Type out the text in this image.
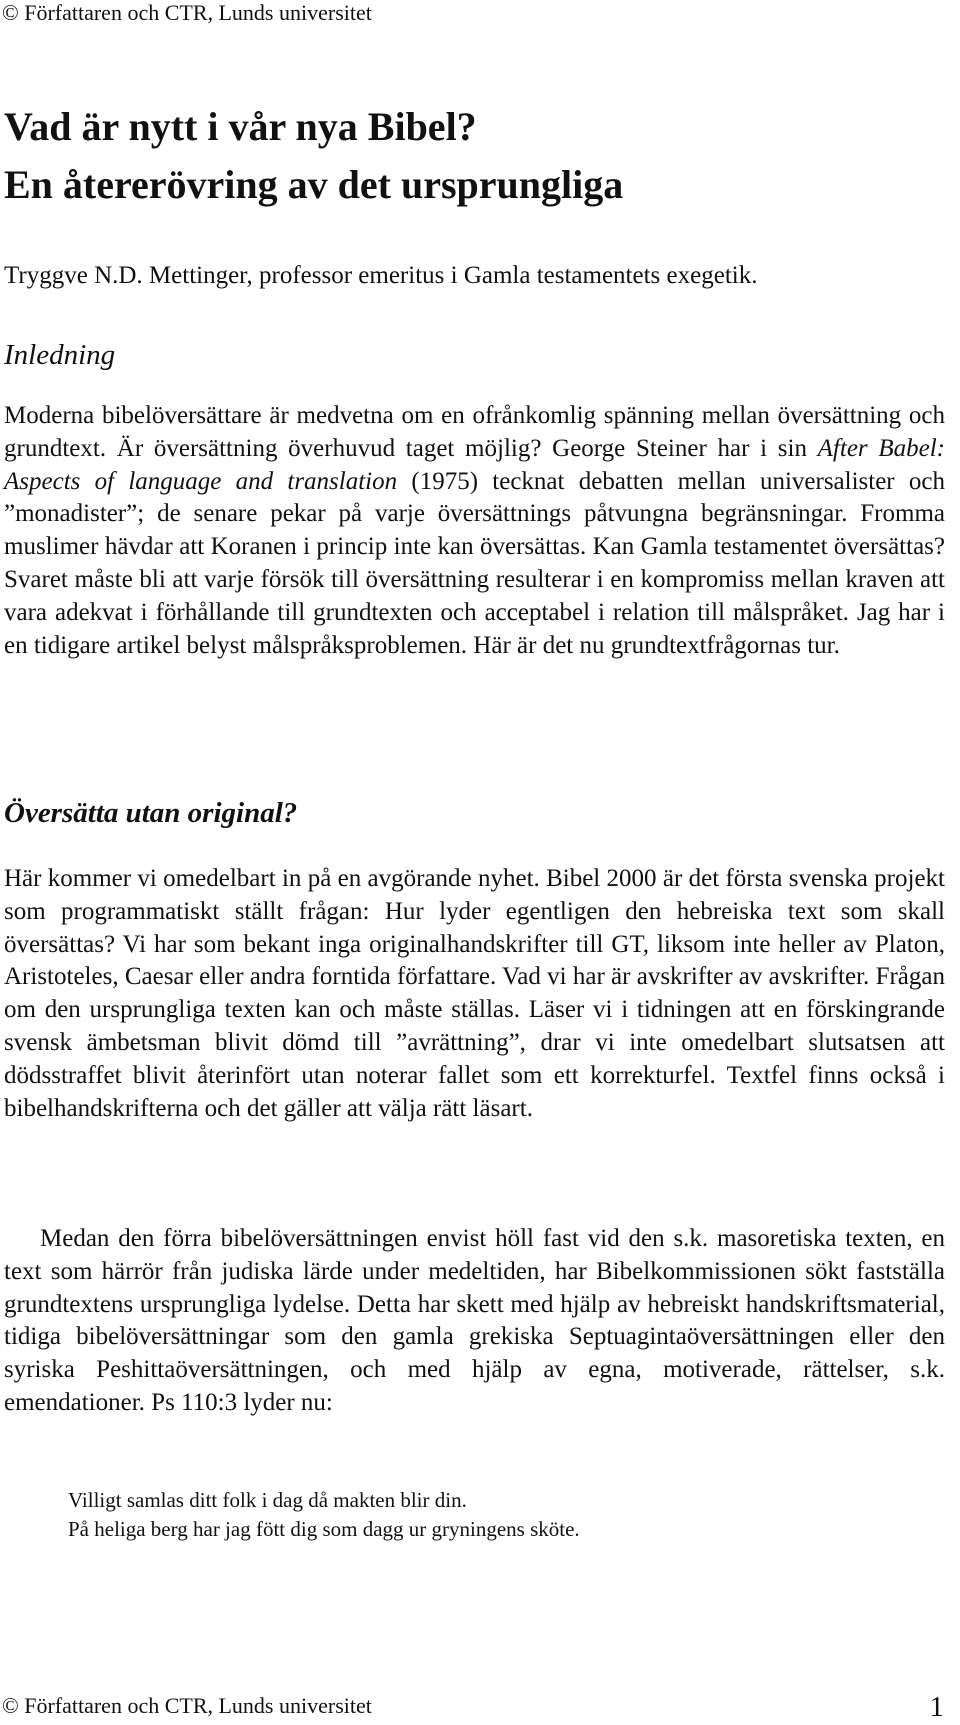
© Författaren och CTR, Lunds universitet
Vad är nytt i vår nya Bibel?
En återerövring av det ursprungliga
Tryggve N.D. Mettinger, professor emeritus i Gamla testamentets exegetik.
Inledning

Moderna bibelöversättare är medvetna om en ofrånkomlig spänning mellan översättning och grundtext. Är översättning överhuvud taget möjlig? George Steiner har i sin After Babel: Aspects of language and translation (1975) tecknat debatten mellan universalister och ”monadister”; de senare pekar på varje översättnings påtvungna begränsningar. Fromma muslimer hävdar att Koranen i princip inte kan översättas. Kan Gamla testamentet översättas? Svaret måste bli att varje försök till översättning resulterar i en kompromiss mellan kraven att vara adekvat i förhållande till grundtexten och acceptabel i relation till målspråket. Jag har i en tidigare artikel belyst målspråksproblemen. Här är det nu grundtextfrågornas tur.

Översätta utan original?

Här kommer vi omedelbart in på en avgörande nyhet. Bibel 2000 är det första svenska projekt som programmatiskt ställt frågan: Hur lyder egentligen den hebreiska text som skall översättas? Vi har som bekant inga originalhandskrifter till GT, liksom inte heller av Platon, Aristoteles, Caesar eller andra forntida författare. Vad vi har är avskrifter av avskrifter. Frågan om den ursprungliga texten kan och måste ställas. Läser vi i tidningen att en förskingrande svensk ämbetsman blivit dömd till ”avrättning”, drar vi inte omedelbart slutsatsen att dödsstraffet blivit återinfört utan noterar fallet som ett korrekturfel. Textfel finns också i bibelhandskrifterna och det gäller att välja rätt läsart.

Medan den förra bibelöversättningen envist höll fast vid den s.k. masoretiska texten, en text som härrör från judiska lärde under medeltiden, har Bibelkommissionen sökt fastställa grundtextens ursprungliga lydelse. Detta har skett med hjälp av hebreiskt handskriftsmaterial, tidiga bibelöversättningar som den gamla grekiska Septuagintaöversättningen eller den syriska Peshittaöversättningen, och med hjälp av egna, motiverade, rättelser, s.k. emendationer. Ps 110:3 lyder nu:

Villigt samlas ditt folk i dag då makten blir din.
På heliga berg har jag fött dig som dagg ur gryningens sköte.
© Författaren och CTR, Lunds universitet	1
